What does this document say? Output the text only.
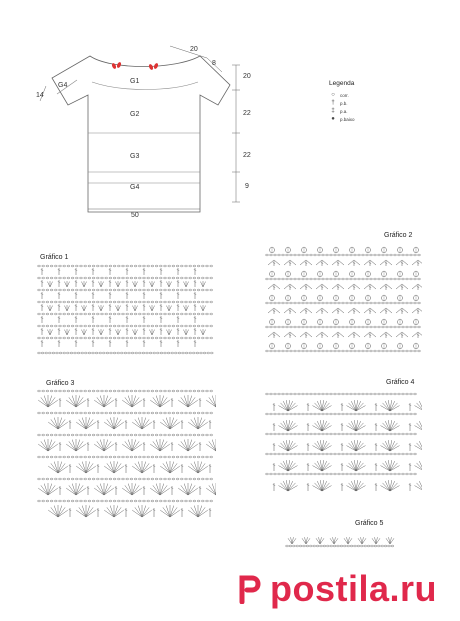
G1
G2
G3
G4
G4
20
8
14
20
22
22
9
50
Legenda
○	corr.
†	p.b.
‡	p.a.
●	p.baixo
Gráfico 1
Gráfico 2
Gráfico 3	Gráfico 4
Gráfico 5
postila.ru
